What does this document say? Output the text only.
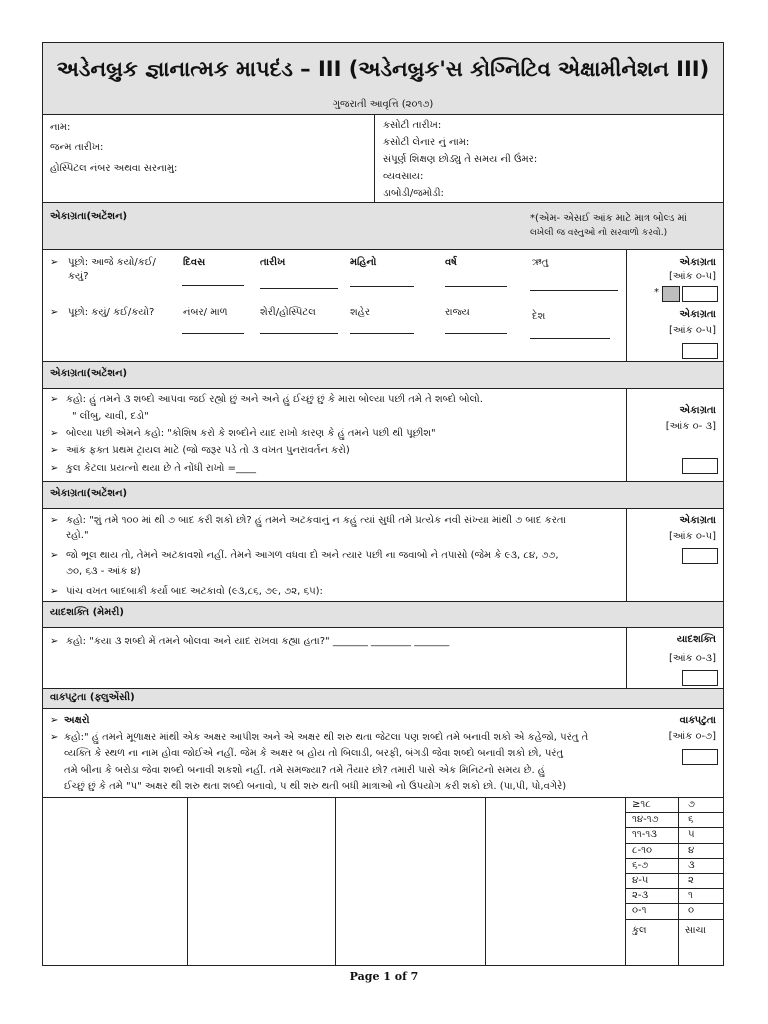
અડેનબ્રુક જ્ઞાનાત્મક માપદંડ – III (અડેનબ્રુક'સ કોગ્નિટિવ એક્ષામીનેશન III)
ગુજરાતી આવૃત્તિ (૨૦૧૭)
નામ:
જન્મ તારીખ:
હોસ્પિટલ નંબર અથવા સરનામુ:
કસોટી તારીખ:
કસોટી લેનાર નું નામ:
સંપૂર્ણ શિક્ષણ છોડ્યુ તે સમય ની ઉંમર:
વ્યવસાય:
ડાબોડી/જમોડી:
એકાગ્રતા(અટેંશન)	*(એમ- એસઈ આંક માટે માત્ર બોલ્ડ માં
લખેલી જ વસ્તુઓ નો સરવાળો કરવો.)
➢ પૂછો: આજે કયો/કઈ/
કયું?
દિવસ	તારીખ	મહિનો	વર્ષ	ઋતુ
➢ પૂછો: કયું/ કઈ/કયો?	નંબર/ માળ	શેરી/હોસ્પિટલ	શહેર	રાજ્ય	દેશ
એકાગ્રતા
[આંક ૦-૫]
*
એકાગ્રતા
[આંક ૦-૫]
એકાગ્રતા(અટેંશન)
➢ કહો: હું તમને ૩ શબ્દો આપવા જઈ રહ્યો છું અને અને હું ઈચ્છું છું કે મારા બોલ્યા પછી તમે તે શબ્દો બોલો.
" લીંબુ, ચાવી, દડો"
➢ બોલ્યા પછી એમને કહો: "કોશિષ કરો કે શબ્દોને યાદ રાખો કારણ કે હું તમને પછી થી પૂછીશ"
➢ આંક ફક્ત પ્રથમ ટ્રાયલ માટે (જો જરૂર પડે તો ૩ વખત પુનરાવર્તન કરો)
➢ કુલ કેટલા પ્રયત્નો થયા છે તે નોંધી રાખો =____
એકાગ્રતા
[આંક ૦- ૩]
એકાગ્રતા(અટેંશન)
➢ કહો: "શું તમે ૧૦૦ માં થી ૭ બાદ કરી શકો છો? હું તમને અટકવાનું ન કહું ત્યાં સુધી તમે પ્રત્યેક નવી સંખ્યા માંથી ૭ બાદ કરતા
રહો."
➢ જો ભૂલ થાય તો, તેમને અટકાવશો નહીં. તેમને આગળ વધવા દો અને ત્યાર પછી ના જવાબો ને તપાસો (જેમ કે ૯૩, ૮૪, ૭૭,
૭૦, ૬૩ - આંક ૪)
➢ પાંચ વખત બાદબાકી કર્યા બાદ અટકાવો (૯૩,૮૬, ૭૯, ૭૨, ૬૫):
એકાગ્રતા
[આંક ૦-૫]
યાદશક્તિ (મેમરી)
➢ કહો: "કયા ૩ શબ્દો મેં તમને બોલવા અને યાદ રાખવા કહ્યા હતા?" _______ ________ _______	યાદશક્તિ
[આંક ૦-૩]
વાક્પટુતા (ફ્લુએંસી)
➢ અક્ષરો
➢ કહો:" હું તમને મૂળાક્ષર માંથી એક અક્ષર આપીશ અને એ અક્ષર થી શરુ થતા જેટલા પણ શબ્દો તમે બનાવી શકો એ કહેજો, પરંતુ તે
વ્યક્તિ કે સ્થળ ના નામ હોવા જોઈએ નહીં. જેમ કે અક્ષર બ હોય તો બિલાડી, બરફી, બંગડી જેવા શબ્દો બનાવી શકો છો, પરંતુ
તમે બીના કે બરોડા જેવા શબ્દો બનાવી શકશો નહીં. તમે સમજ્યા? તમે તૈયાર છો? તમારી પાસે એક મિનિટનો સમય છે. હું
ઈચ્છું છું કે તમે "પ" અક્ષર થી શરુ થતા શબ્દો બનાવો, પ થી શરુ થતી બધી માત્રાઓ નો ઉપયોગ કરી શકો છો. (પા,પી, પો,વગેરે)
વાક્પટુતા
[આંક ૦-૭]
≥૧૮	૭
૧૪-૧૭	૬
૧૧-૧૩	૫
૮-૧૦	૪
૬-૭	૩
૪-૫	૨
૨-૩	૧
૦-૧	૦
કુલ	સાચા
Page 1 of 7
